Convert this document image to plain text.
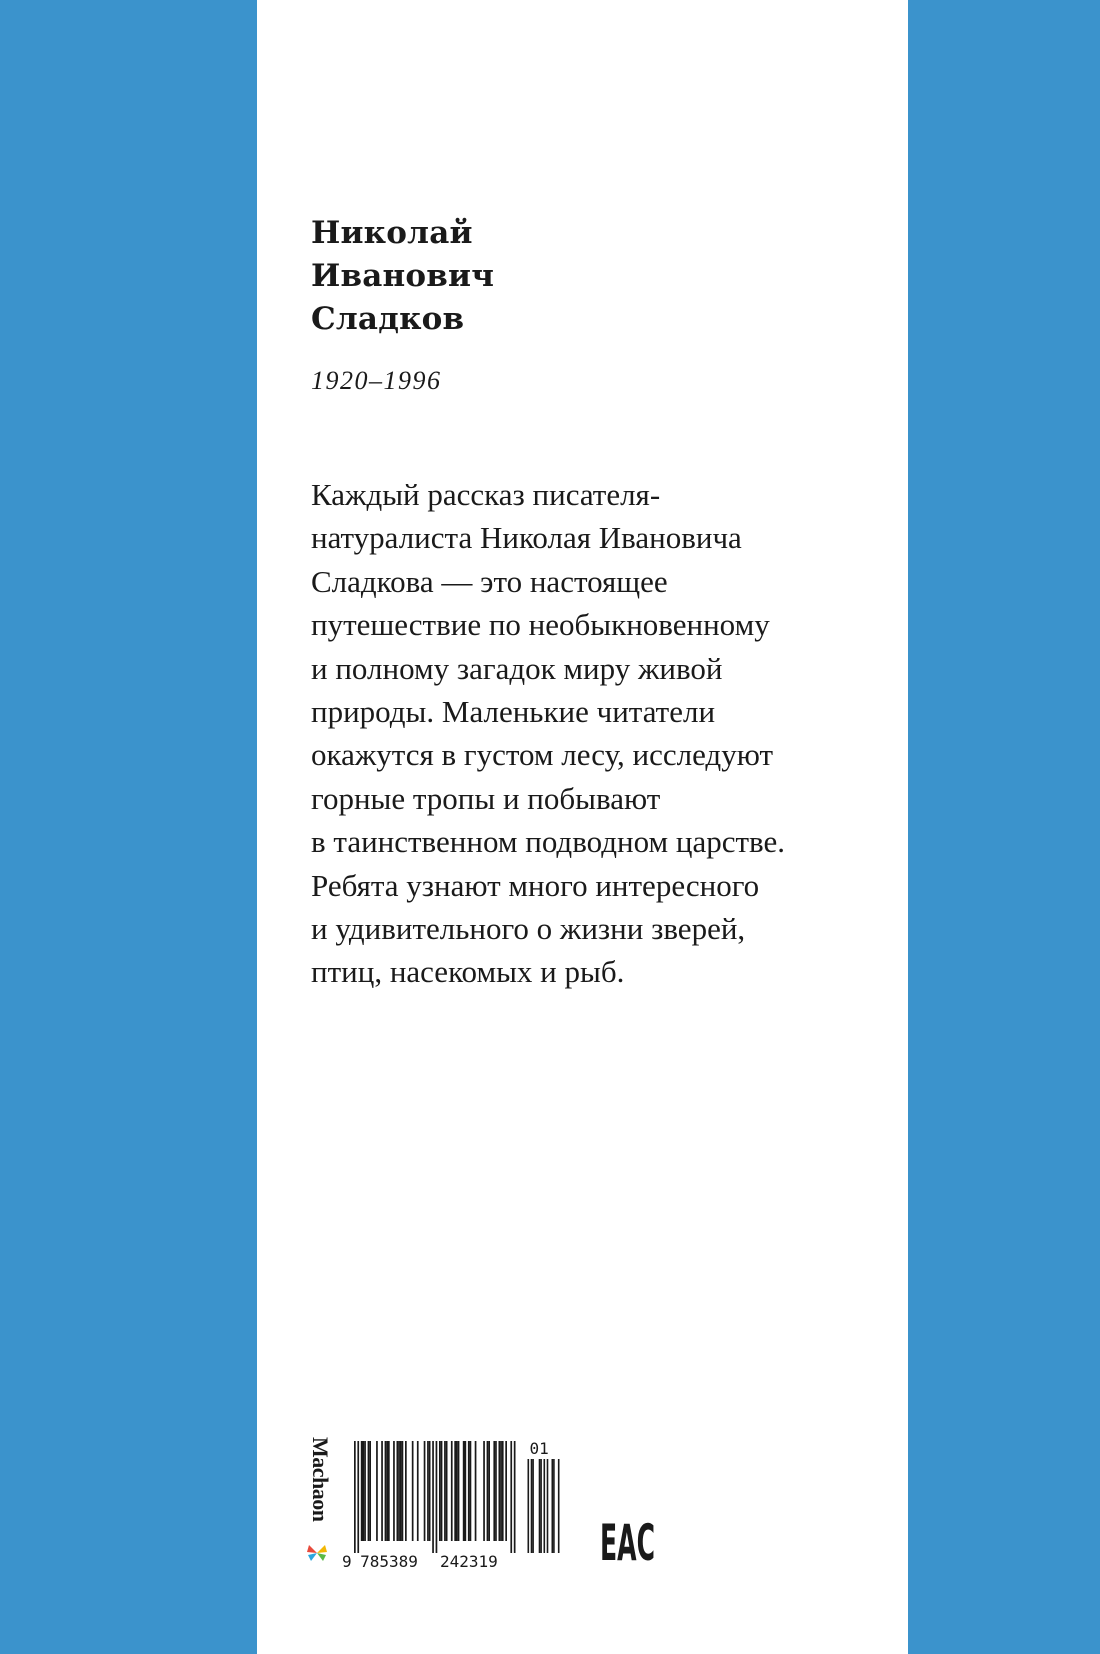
Николай
Иванович
Сладков
1920–1996
Каждый рассказ писателя-
натуралиста Николая Ивановича
Сладкова — это настоящее
путешествие по необыкновенному
и полному загадок миру живой
природы. Маленькие читатели
окажутся в густом лесу, исследуют
горные тропы и побывают
в таинственном подводном царстве.
Ребята узнают много интересного
и удивительного о жизни зверей,
птиц, насекомых и рыб.
Machaon
9 785389 242319
01
EAC
